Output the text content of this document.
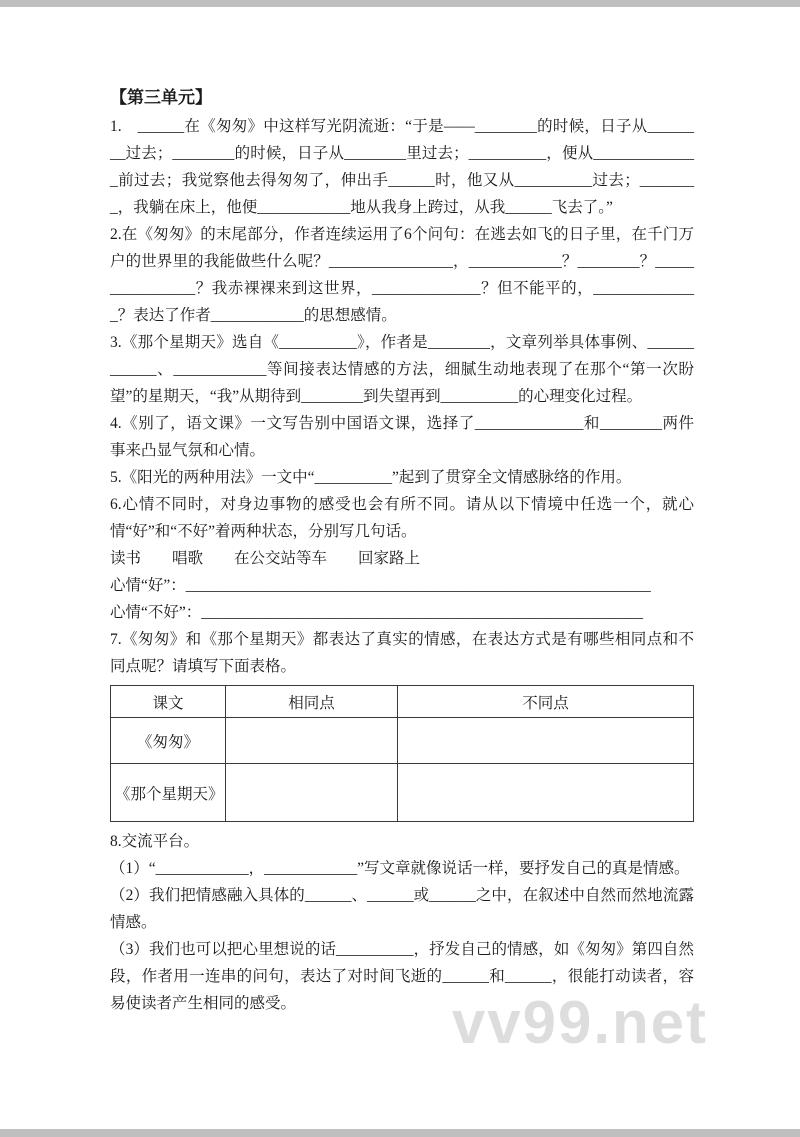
【第三单元】
1.　______在《匆匆》中这样写光阴流逝：“于是——________的时候，日子从________过去；________的时候，日子从________里过去；__________，便从______________前过去；我觉察他去得匆匆了，伸出手______时，他又从__________过去；________，我躺在床上，他便____________地从我身上跨过，从我______飞去了。”
2.在《匆匆》的末尾部分，作者连续运用了6个问句：在逃去如飞的日子里，在千门万户的世界里的我能做些什么呢？________________，____________？________？________________？我赤裸裸来到这世界，______________？但不能平的，______________？表达了作者____________的思想感情。
3.《那个星期天》选自《__________》，作者是________，文章列举具体事例、____________、____________等间接表达情感的方法，细腻生动地表现了在那个“第一次盼望”的星期天，“我”从期待到________到失望再到__________的心理变化过程。
4.《别了，语文课》一文写告别中国语文课，选择了______________和________两件事来凸显气氛和心情。
5.《阳光的两种用法》一文中“__________”起到了贯穿全文情感脉络的作用。
6.心情不同时，对身边事物的感受也会有所不同。请从以下情境中任选一个，就心情“好”和“不好”着两种状态，分别写几句话。
读书　　唱歌　　在公交站等车　　回家路上
心情“好”：____________________________________________________________
心情“不好”：_________________________________________________________
7.《匆匆》和《那个星期天》都表达了真实的情感，在表达方式是有哪些相同点和不同点呢？请填写下面表格。
课文	相同点	不同点
《匆匆》		
《那个星期天》		
8.交流平台。
（1）“____________，____________”写文章就像说话一样，要抒发自己的真是情感。
（2）我们把情感融入具体的______、______或______之中，在叙述中自然而然地流露情感。
（3）我们也可以把心里想说的话__________，抒发自己的情感，如《匆匆》第四自然段，作者用一连串的问句，表达了对时间飞逝的______和______，很能打动读者，容易使读者产生相同的感受。	vv99.net
